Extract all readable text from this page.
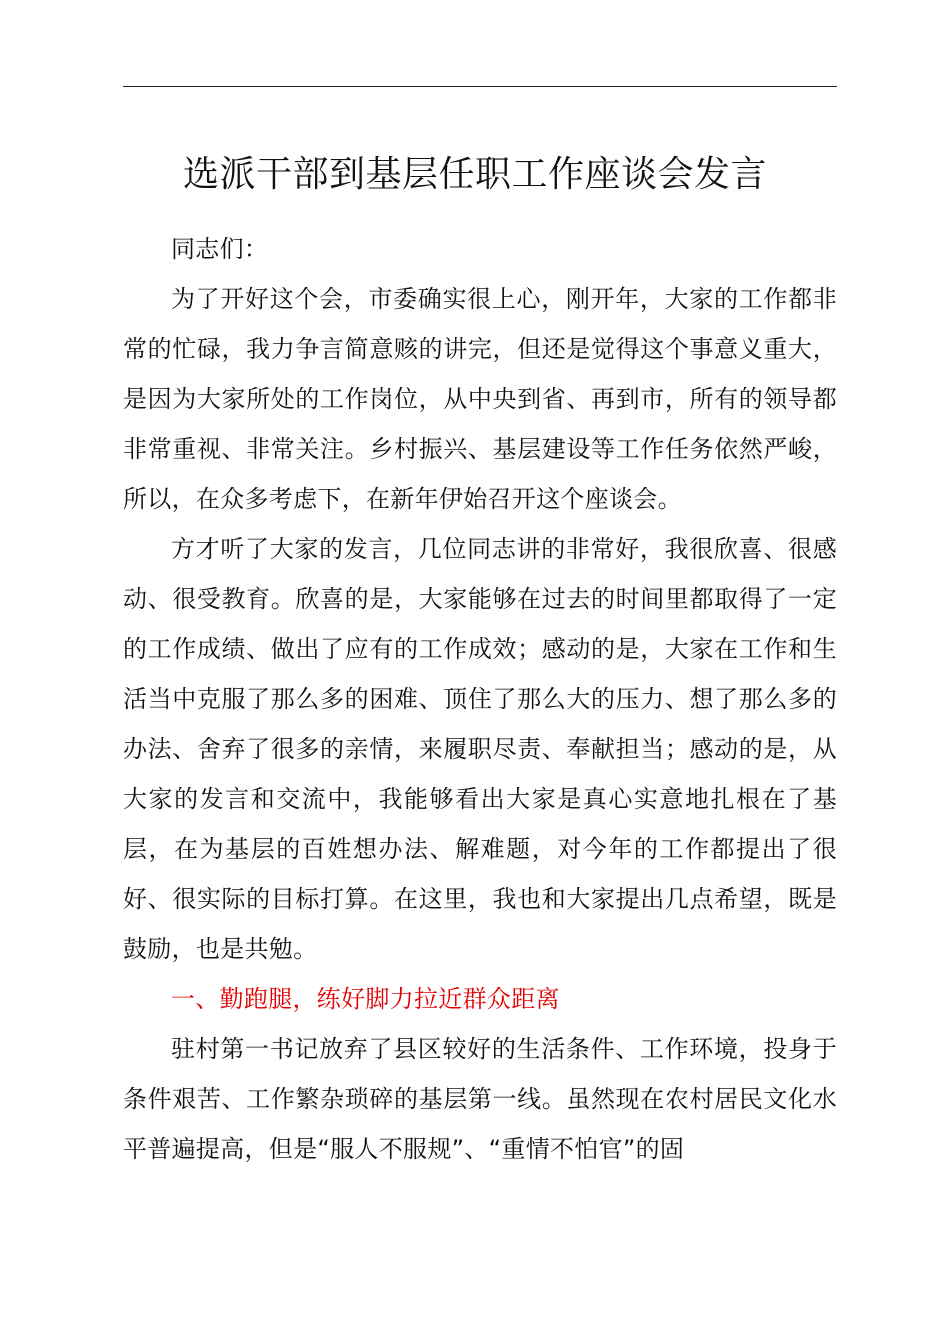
选派干部到基层任职工作座谈会发言

同志们：

为了开好这个会，市委确实很上心，刚开年，大家的工作都非常的忙碌，我力争言简意赅的讲完，但还是觉得这个事意义重大，是因为大家所处的工作岗位，从中央到省、再到市，所有的领导都非常重视、非常关注。乡村振兴、基层建设等工作任务依然严峻，所以，在众多考虑下，在新年伊始召开这个座谈会。

方才听了大家的发言，几位同志讲的非常好，我很欣喜、很感动、很受教育。欣喜的是，大家能够在过去的时间里都取得了一定的工作成绩、做出了应有的工作成效；感动的是，大家在工作和生活当中克服了那么多的困难、顶住了那么大的压力、想了那么多的办法、舍弃了很多的亲情，来履职尽责、奉献担当；感动的是，从大家的发言和交流中，我能够看出大家是真心实意地扎根在了基层，在为基层的百姓想办法、解难题，对今年的工作都提出了很好、很实际的目标打算。在这里，我也和大家提出几点希望，既是鼓励，也是共勉。

一、勤跑腿，练好脚力拉近群众距离

驻村第一书记放弃了县区较好的生活条件、工作环境，投身于条件艰苦、工作繁杂琐碎的基层第一线。虽然现在农村居民文化水平普遍提高，但是“服人不服规”、“重情不怕官”的固
